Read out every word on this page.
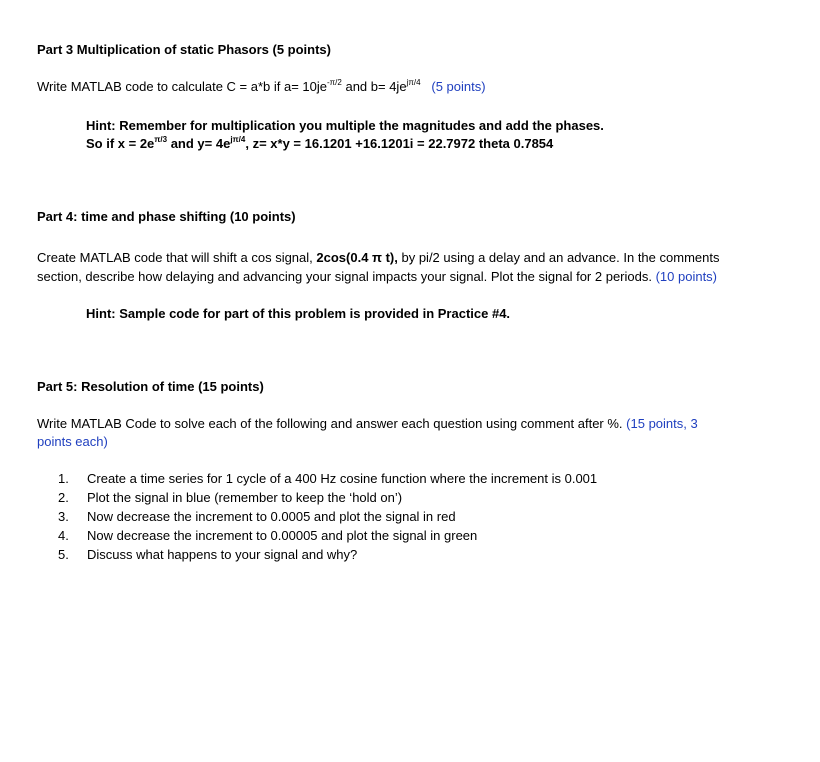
Part 3 Multiplication of static Phasors (5 points)
Write MATLAB code to calculate C = a*b if $a= 10je^{-\pi/2}$ and $b= 4je^{j\pi/4}$ (5 points)
Hint: Remember for multiplication you multiple the magnitudes and add the phases.
So if $x = 2e^{\pi/3}$ and $y= 4e^{j\pi/4}$, z= x*y = 16.1201 +16.1201i = 22.7972 theta 0.7854
Part 4: time and phase shifting (10 points)
Create MATLAB code that will shift a cos signal, 2cos(0.4 π t), by pi/2 using a delay and an advance. In the comments
section, describe how delaying and advancing your signal impacts your signal. Plot the signal for 2 periods. (10 points)
Hint: Sample code for part of this problem is provided in Practice #4.
Part 5: Resolution of time (15 points)
Write MATLAB Code to solve each of the following and answer each question using comment after %. (15 points, 3
points each)
1. Create a time series for 1 cycle of a 400 Hz cosine function where the increment is 0.001
2. Plot the signal in blue (remember to keep the ‘hold on’)
3. Now decrease the increment to 0.0005 and plot the signal in red
4. Now decrease the increment to 0.00005 and plot the signal in green
5. Discuss what happens to your signal and why?
